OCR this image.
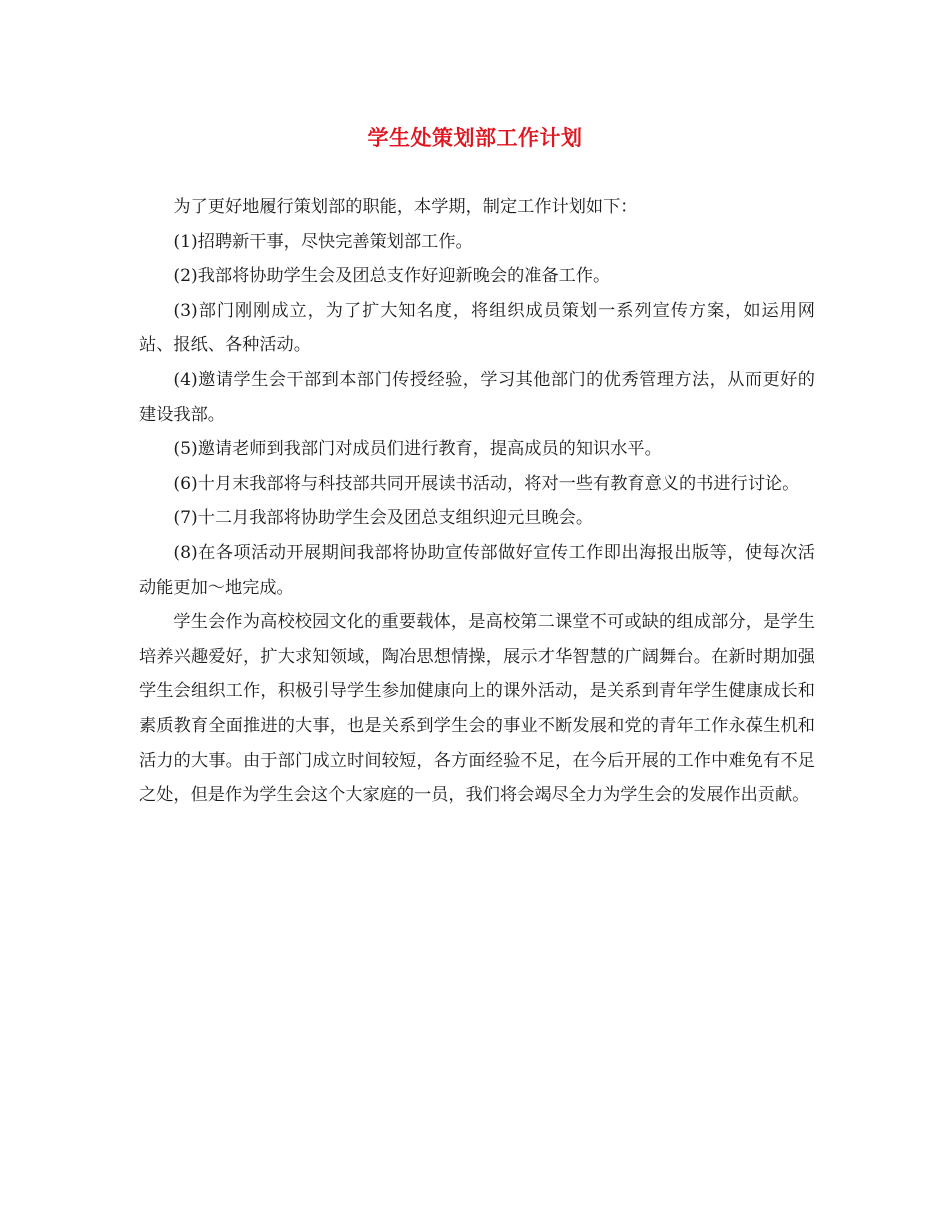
学生处策划部工作计划

为了更好地履行策划部的职能，本学期，制定工作计划如下：

(1)招聘新干事，尽快完善策划部工作。

(2)我部将协助学生会及团总支作好迎新晚会的准备工作。

(3)部门刚刚成立，为了扩大知名度，将组织成员策划一系列宣传方案，如运用网站、报纸、各种活动。

(4)邀请学生会干部到本部门传授经验，学习其他部门的优秀管理方法，从而更好的建设我部。

(5)邀请老师到我部门对成员们进行教育，提高成员的知识水平。

(6)十月末我部将与科技部共同开展读书活动，将对一些有教育意义的书进行讨论。

(7)十二月我部将协助学生会及团总支组织迎元旦晚会。

(8)在各项活动开展期间我部将协助宣传部做好宣传工作即出海报出版等，使每次活动能更加～地完成。

学生会作为高校校园文化的重要载体，是高校第二课堂不可或缺的组成部分，是学生培养兴趣爱好，扩大求知领域，陶冶思想情操，展示才华智慧的广阔舞台。在新时期加强学生会组织工作，积极引导学生参加健康向上的课外活动，是关系到青年学生健康成长和素质教育全面推进的大事，也是关系到学生会的事业不断发展和党的青年工作永葆生机和活力的大事。由于部门成立时间较短，各方面经验不足，在今后开展的工作中难免有不足之处，但是作为学生会这个大家庭的一员，我们将会竭尽全力为学生会的发展作出贡献。
